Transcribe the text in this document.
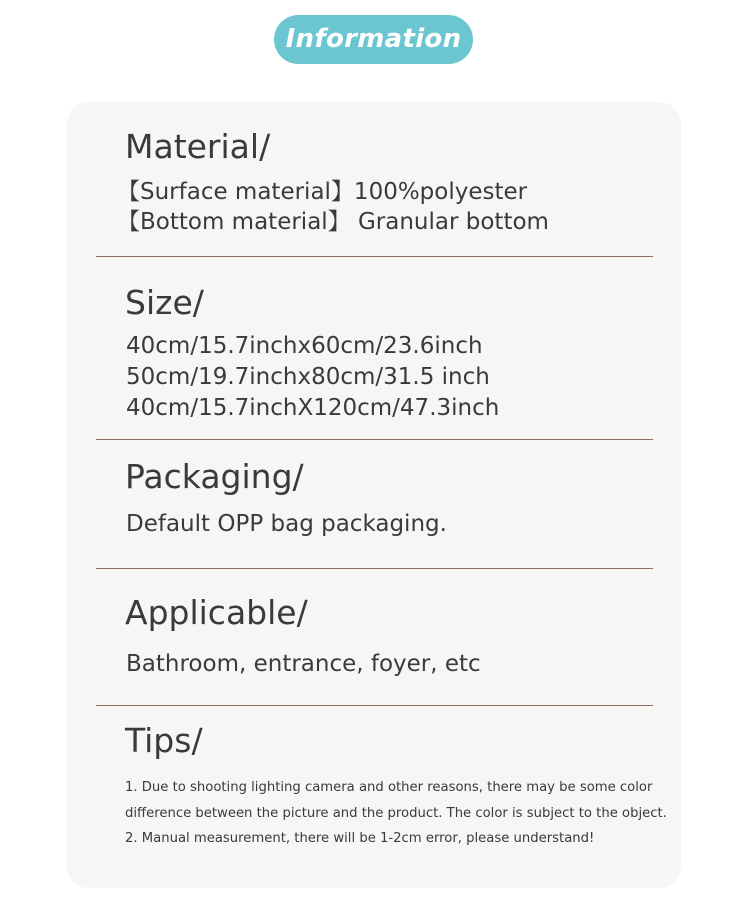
Information
Material/
【Surface material】100%polyester
【Bottom material】 Granular bottom
Size/
40cm/15.7inchx60cm/23.6inch
50cm/19.7inchx80cm/31.5 inch
40cm/15.7inchX120cm/47.3inch
Packaging/
Default OPP bag packaging.
Applicable/
Bathroom, entrance, foyer, etc
Tips/
1. Due to shooting lighting camera and other reasons, there may be some color
difference between the picture and the product. The color is subject to the object.
2. Manual measurement, there will be 1-2cm error, please understand!
